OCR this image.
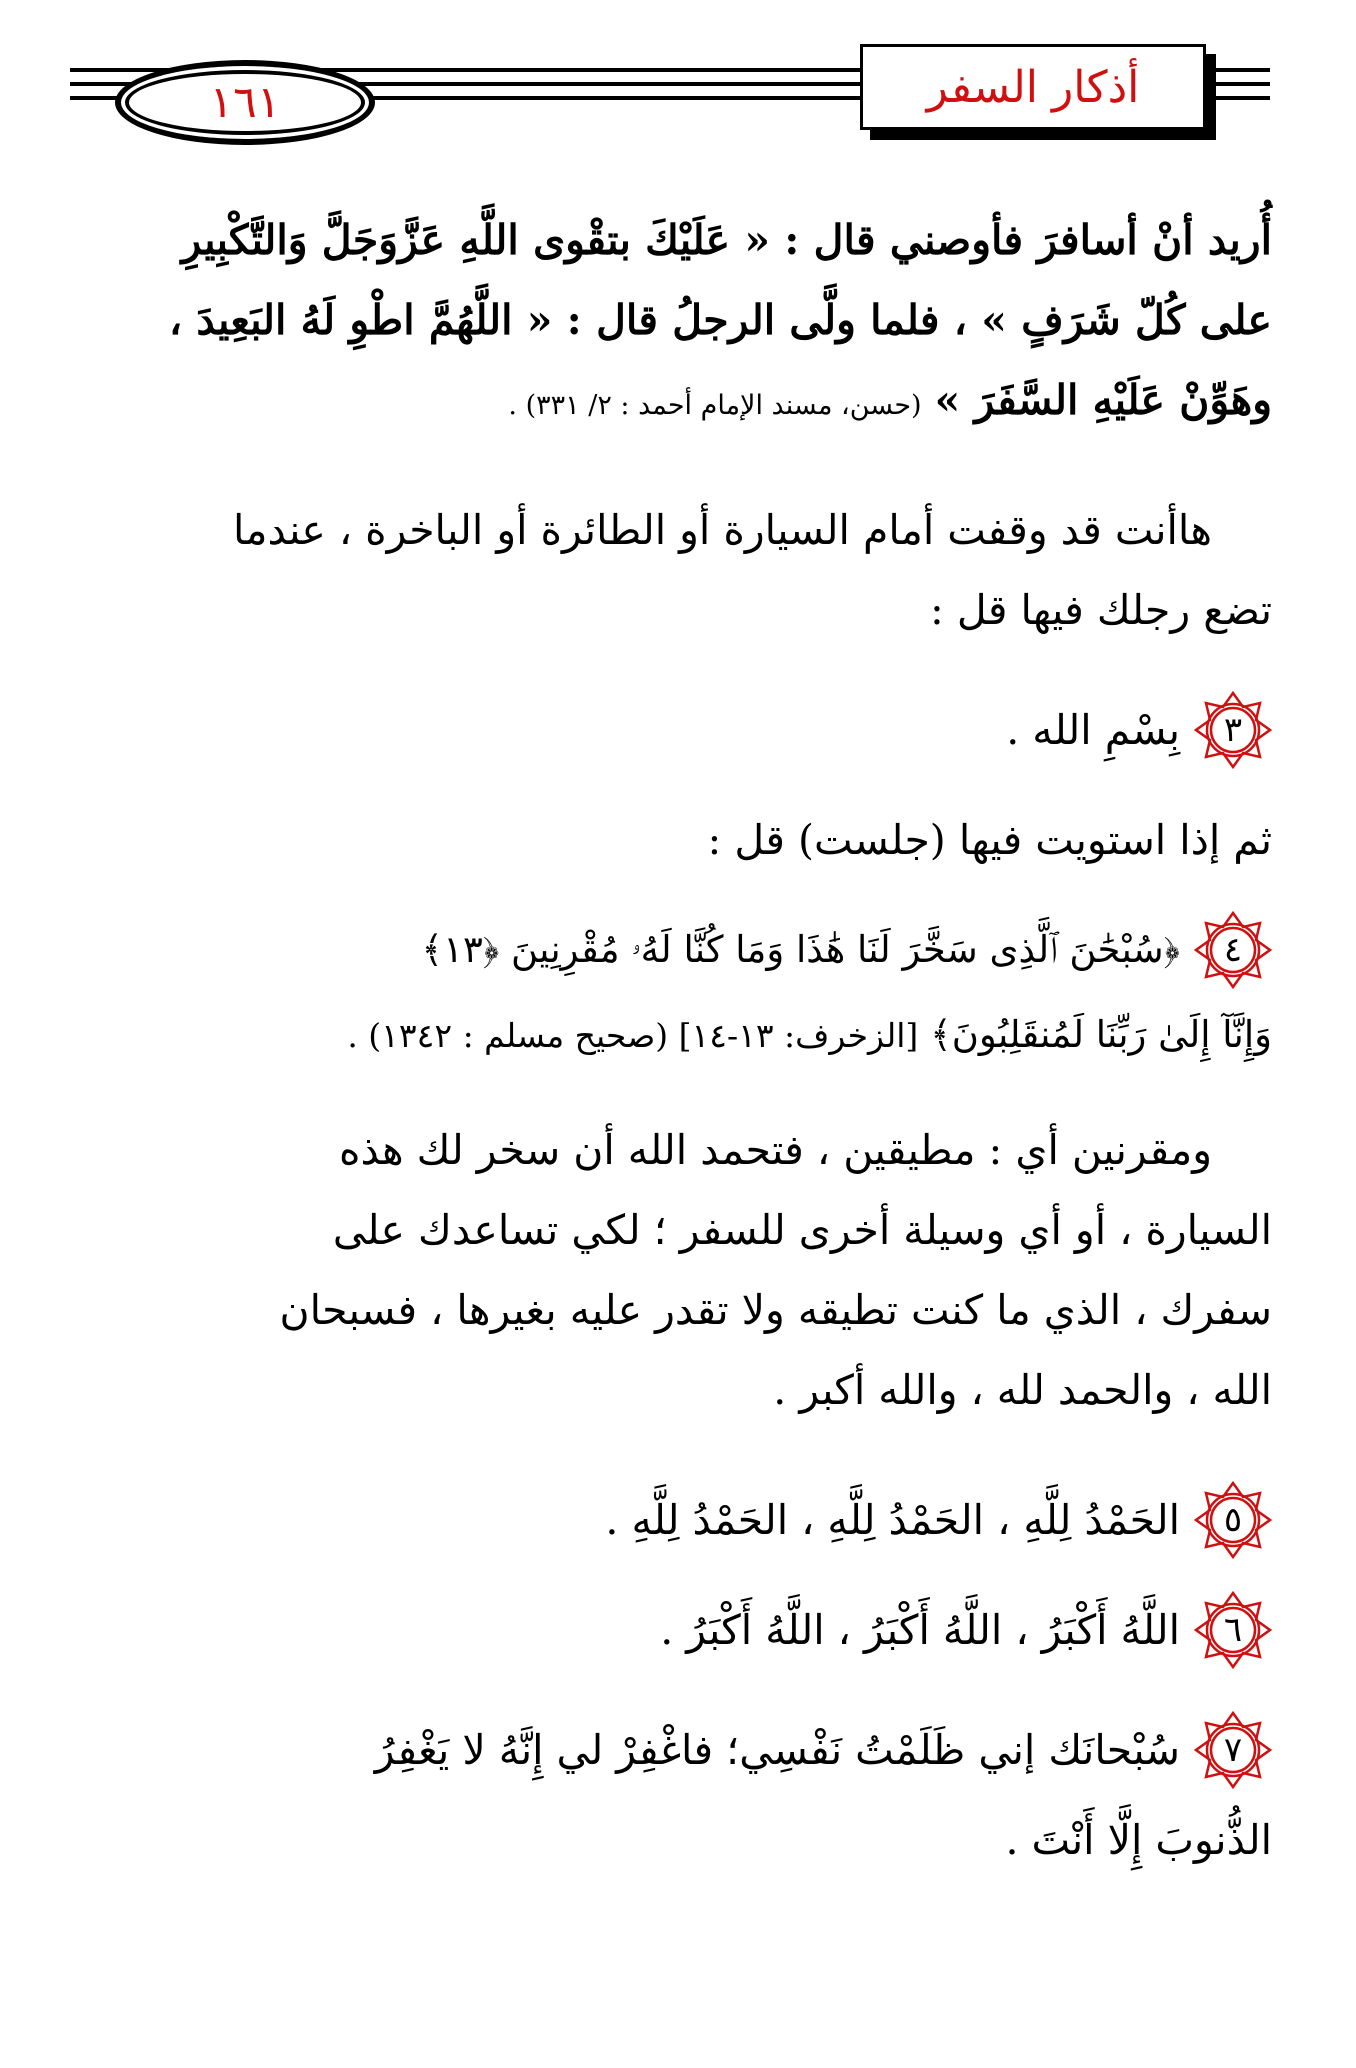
١٦١	أذكار السفر
أُريد أنْ أسافرَ فأوصني قال : « عَلَيْكَ بتقْوى اللَّهِ عَزَّوَجَلَّ وَالتَّكْبِيرِ
على كُلّ شَرَفٍ » ، فلما ولَّى الرجلُ قال : « اللَّهُمَّ اطْوِ لَهُ البَعِيدَ ،
وهَوِّنْ عَلَيْهِ السَّفَرَ » (حسن، مسند الإمام أحمد : ٢/ ٣٣١) .
هاأنت قد وقفت أمام السيارة أو الطائرة أو الباخرة ، عندما
تضع رجلك فيها قل :
٣
بِسْمِ الله .
ثم إذا استويت فيها (جلست) قل :
٤
﴿سُبْحَٰنَ ٱلَّذِى سَخَّرَ لَنَا هَٰذَا وَمَا كُنَّا لَهُۥ مُقْرِنِينَ ﴿١٣﴾
وَإِنَّآ إِلَىٰ رَبِّنَا لَمُنقَلِبُونَ﴾ [الزخرف: ١٣-١٤] (صحيح مسلم : ١٣٤٢) .
ومقرنين أي : مطيقين ، فتحمد الله أن سخر لك هذه
السيارة ، أو أي وسيلة أخرى للسفر ؛ لكي تساعدك على
سفرك ، الذي ما كنت تطيقه ولا تقدر عليه بغيرها ، فسبحان
الله ، والحمد لله ، والله أكبر .
٥
الحَمْدُ لِلَّهِ ، الحَمْدُ لِلَّهِ ، الحَمْدُ لِلَّهِ .
٦
اللَّهُ أَكْبَرُ ، اللَّهُ أَكْبَرُ ، اللَّهُ أَكْبَرُ .
٧
سُبْحانَك إني ظَلَمْتُ نَفْسِي؛ فاغْفِرْ لي إِنَّهُ لا يَغْفِرُ
الذُّنوبَ إِلَّا أَنْتَ .
